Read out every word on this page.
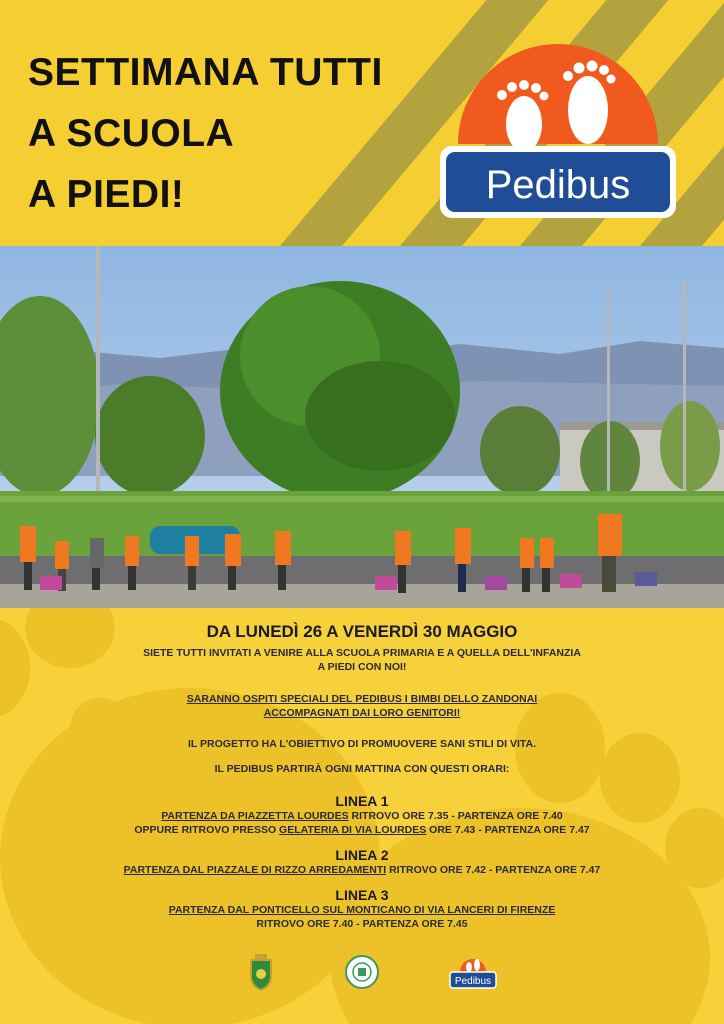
SETTIMANA TUTTI
A SCUOLA
A PIEDI!	Pedibus
DA LUNEDÌ 26 A VENERDÌ 30 MAGGIO
SIETE TUTTI INVITATI A VENIRE ALLA SCUOLA PRIMARIA E A QUELLA DELL'INFANZIA
A PIEDI CON NOI!
SARANNO OSPITI SPECIALI DEL PEDIBUS I BIMBI DELLO ZANDONAI
ACCOMPAGNATI DAI LORO GENITORI!
IL PROGETTO HA L'OBIETTIVO DI PROMUOVERE SANI STILI DI VITA.
IL PEDIBUS PARTIRÀ OGNI MATTINA CON QUESTI ORARI:
LINEA 1
PARTENZA DA PIAZZETTA LOURDES RITROVO ORE 7.35 - PARTENZA ORE 7.40
OPPURE RITROVO PRESSO GELATERIA DI VIA LOURDES ORE 7.43 - PARTENZA ORE 7.47
LINEA 2
PARTENZA DAL PIAZZALE DI RIZZO ARREDAMENTI RITROVO ORE 7.42 - PARTENZA ORE 7.47
LINEA 3
PARTENZA DAL PONTICELLO SUL MONTICANO DI VIA LANCERI DI FIRENZE
RITROVO ORE 7.40 - PARTENZA ORE 7.45
Pedibus
